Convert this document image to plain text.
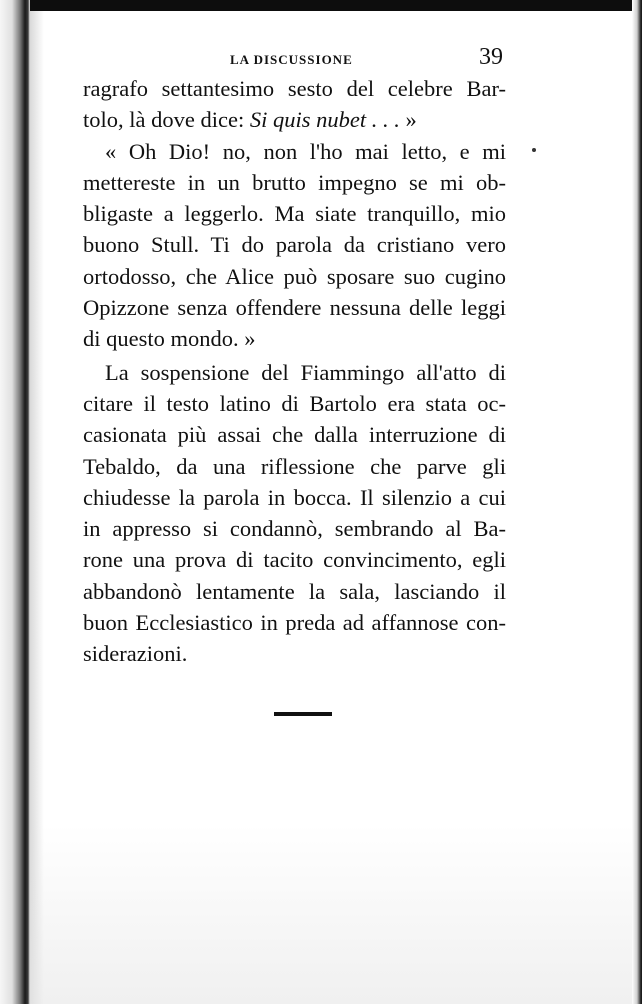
LA DISCUSSIONE	39
ragrafo settantesimo sesto del celebre Bar-
tolo, là dove dice: Si quis nubet . . . »
« Oh Dio! no, non l'ho mai letto, e mi
mettereste in un brutto impegno se mi ob-
bligaste a leggerlo. Ma siate tranquillo, mio
buono Stull. Ti do parola da cristiano vero
ortodosso, che Alice può sposare suo cugino
Opizzone senza offendere nessuna delle leggi
di questo mondo. »
La sospensione del Fiammingo all'atto di
citare il testo latino di Bartolo era stata oc-
casionata più assai che dalla interruzione di
Tebaldo, da una riflessione che parve gli
chiudesse la parola in bocca. Il silenzio a cui
in appresso si condannò, sembrando al Ba-
rone una prova di tacito convincimento, egli
abbandonò lentamente la sala, lasciando il
buon Ecclesiastico in preda ad affannose con-
siderazioni.
